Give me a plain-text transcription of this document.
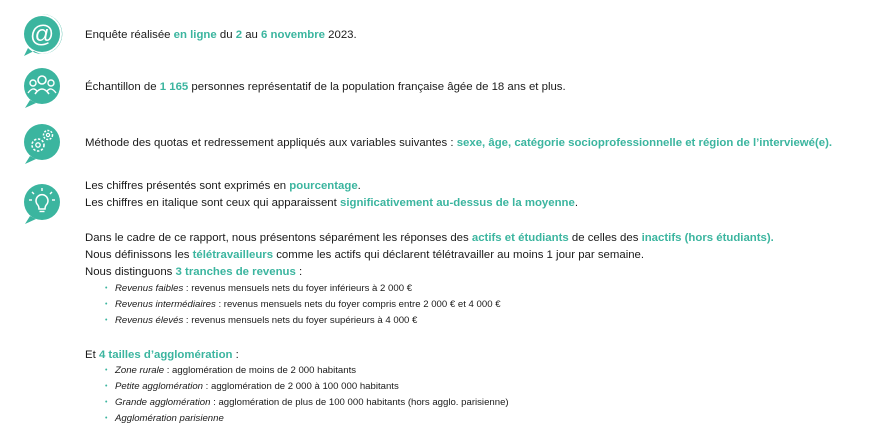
@	Enquête réalisée en ligne du 2 au 6 novembre 2023.
Échantillon de 1 165 personnes représentatif de la population française âgée de 18 ans et plus.
Méthode des quotas et redressement appliqués aux variables suivantes : sexe, âge, catégorie socioprofessionnelle et région de l’interviewé(e).
Les chiffres présentés sont exprimés en pourcentage.
Les chiffres en italique sont ceux qui apparaissent significativement au-dessus de la moyenne.
Dans le cadre de ce rapport, nous présentons séparément les réponses des actifs et étudiants de celles des inactifs (hors étudiants).
Nous définissons les télétravailleurs comme les actifs qui déclarent télétravailler au moins 1 jour par semaine.
Nous distinguons 3 tranches de revenus :
• Revenus faibles : revenus mensuels nets du foyer inférieurs à 2 000 €
• Revenus intermédiaires : revenus mensuels nets du foyer compris entre 2 000 € et 4 000 €
• Revenus élevés : revenus mensuels nets du foyer supérieurs à 4 000 €
Et 4 tailles d’agglomération :
• Zone rurale : agglomération de moins de 2 000 habitants
• Petite agglomération : agglomération de 2 000 à 100 000 habitants
• Grande agglomération : agglomération de plus de 100 000 habitants (hors agglo. parisienne)
• Agglomération parisienne
